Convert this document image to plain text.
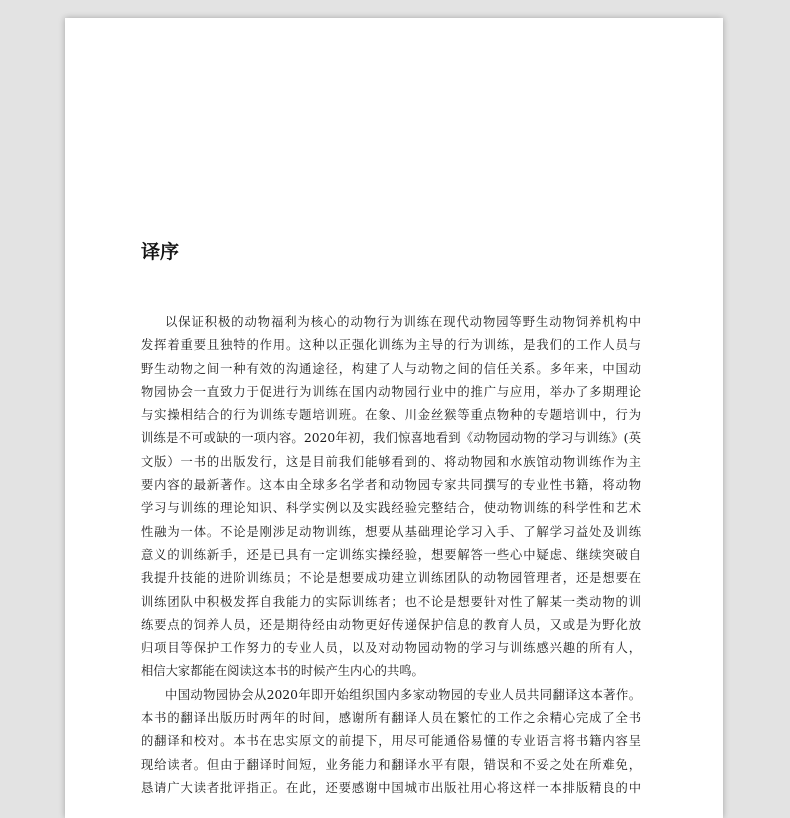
译序
以保证积极的动物福利为核心的动物行为训练在现代动物园等野生动物饲养机构中
发挥着重要且独特的作用。这种以正强化训练为主导的行为训练，是我们的工作人员与
野生动物之间一种有效的沟通途径，构建了人与动物之间的信任关系。多年来，中国动
物园协会一直致力于促进行为训练在国内动物园行业中的推广与应用，举办了多期理论
与实操相结合的行为训练专题培训班。在象、川金丝猴等重点物种的专题培训中，行为
训练是不可或缺的一项内容。2020年初，我们惊喜地看到《动物园动物的学习与训练》(英
文版）一书的出版发行，这是目前我们能够看到的、将动物园和水族馆动物训练作为主
要内容的最新著作。这本由全球多名学者和动物园专家共同撰写的专业性书籍，将动物
学习与训练的理论知识、科学实例以及实践经验完整结合，使动物训练的科学性和艺术
性融为一体。不论是刚涉足动物训练，想要从基础理论学习入手、了解学习益处及训练
意义的训练新手，还是已具有一定训练实操经验，想要解答一些心中疑虑、继续突破自
我提升技能的进阶训练员；不论是想要成功建立训练团队的动物园管理者，还是想要在
训练团队中积极发挥自我能力的实际训练者；也不论是想要针对性了解某一类动物的训
练要点的饲养人员，还是期待经由动物更好传递保护信息的教育人员，又或是为野化放
归项目等保护工作努力的专业人员，以及对动物园动物的学习与训练感兴趣的所有人，
相信大家都能在阅读这本书的时候产生内心的共鸣。
中国动物园协会从2020年即开始组织国内多家动物园的专业人员共同翻译这本著作。
本书的翻译出版历时两年的时间，感谢所有翻译人员在繁忙的工作之余精心完成了全书
的翻译和校对。本书在忠实原文的前提下，用尽可能通俗易懂的专业语言将书籍内容呈
现给读者。但由于翻译时间短，业务能力和翻译水平有限，错误和不妥之处在所难免，
恳请广大读者批评指正。在此，还要感谢中国城市出版社用心将这样一本排版精良的中
